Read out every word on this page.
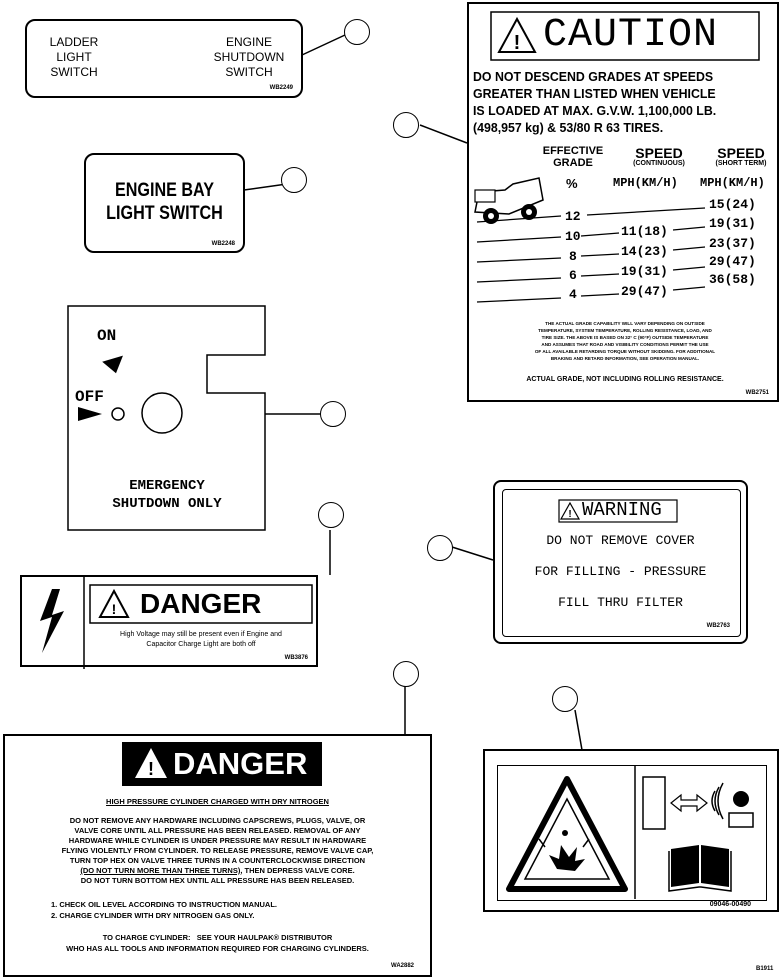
LADDER
LIGHT
SWITCH
ENGINE
SHUTDOWN
SWITCH
WB2249
ENGINE BAY
LIGHT SWITCH
WB2248
ON
OFF
EMERGENCY
SHUTDOWN ONLY
! CAUTION
DO NOT DESCEND GRADES AT SPEEDS
GREATER THAN LISTED WHEN VEHICLE
IS LOADED AT MAX. G.V.W. 1,100,000 LB.
(498,957 kg) & 53/80 R 63 TIRES.
EFFECTIVE
GRADE
SPEED
(CONTINUOUS)
SPEED
(SHORT TERM)
%	MPH(KM/H) MPH(KM/H)
12
10
8
6
4
11(18)
14(23)
19(31)
29(47)
15(24)
19(31)
23(37)
29(47)
36(58)
THE ACTUAL GRADE CAPABILITY WILL VARY DEPENDING ON OUTSIDE
TEMPERATURE, SYSTEM TEMPERATURE, ROLLING RESISTANCE, LOAD, AND
TIRE SIZE. THE ABOVE IS BASED ON 32° C (90°F) OUTSIDE TEMPERATURE
AND ASSUMES THAT ROAD AND VISIBILITY CONDITIONS PERMIT THE USE
OF ALL AVAILABLE RETARDING TORQUE WITHOUT SKIDDING. FOR ADDITIONAL
BRAKING AND RETARD INFORMATION, SEE OPERATION MANUAL.
ACTUAL GRADE, NOT INCLUDING ROLLING RESISTANCE.
WB2751
! WARNING
DO NOT REMOVE COVER
FOR FILLING - PRESSURE
FILL THRU FILTER
WB2763
! DANGER
High Voltage may still be present even if Engine and
Capacitor Charge Light are both off
WB3876
! DANGER
HIGH PRESSURE CYLINDER CHARGED WITH DRY NITROGEN
DO NOT REMOVE ANY HARDWARE INCLUDING CAPSCREWS, PLUGS, VALVE, OR
VALVE CORE UNTIL ALL PRESSURE HAS BEEN RELEASED. REMOVAL OF ANY
HARDWARE WHILE CYLINDER IS UNDER PRESSURE MAY RESULT IN HARDWARE
FLYING VIOLENTLY FROM CYLINDER. TO RELEASE PRESSURE, REMOVE VALVE CAP,
TURN TOP HEX ON VALVE THREE TURNS IN A COUNTERCLOCKWISE DIRECTION
(DO NOT TURN MORE THAN THREE TURNS), THEN DEPRESS VALVE CORE.
DO NOT TURN BOTTOM HEX UNTIL ALL PRESSURE HAS BEEN RELEASED.
1. CHECK OIL LEVEL ACCORDING TO INSTRUCTION MANUAL.
2. CHARGE CYLINDER WITH DRY NITROGEN GAS ONLY.
TO CHARGE CYLINDER:   SEE YOUR HAULPAK® DISTRIBUTOR
WHO HAS ALL TOOLS AND INFORMATION REQUIRED FOR CHARGING CYLINDERS.
WA2882
09046-00490
B1911
